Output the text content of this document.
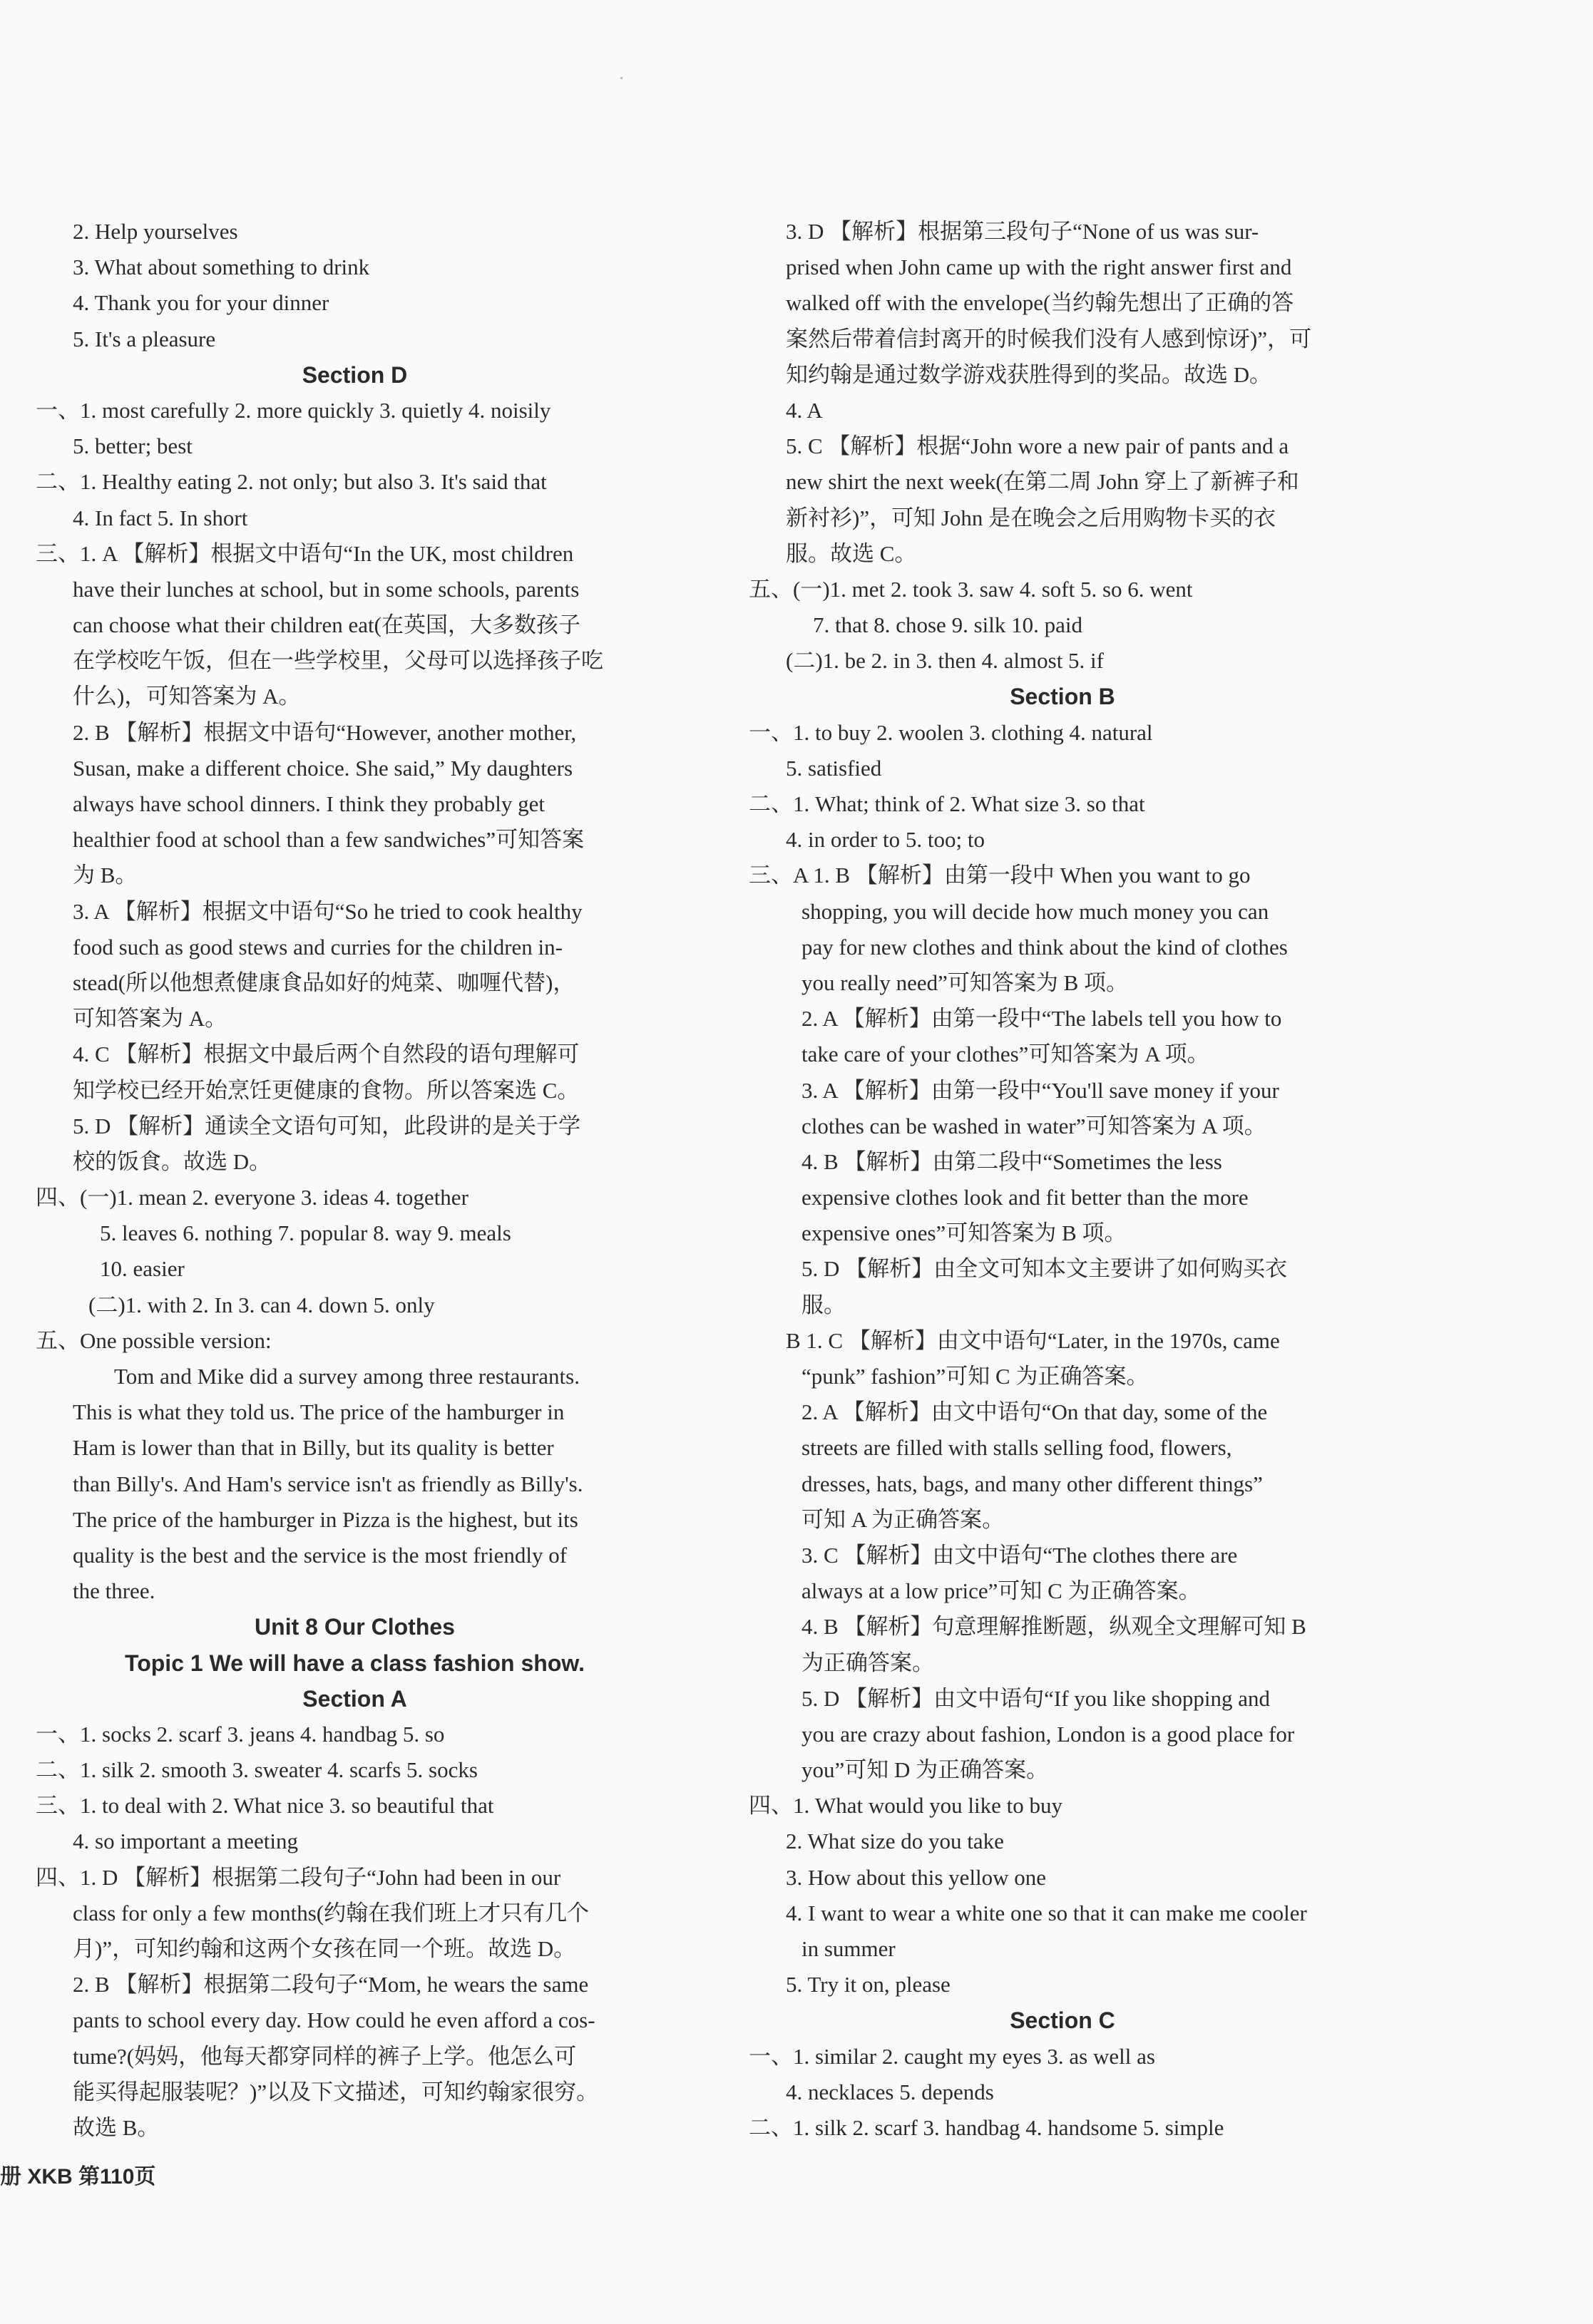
2. Help yourselves
3. What about something to drink
4. Thank you for your dinner
5. It's a pleasure
Section D
一、1. most carefully 2. more quickly 3. quietly 4. noisily
5. better; best
二、1. Healthy eating 2. not only; but also 3. It's said that
4. In fact 5. In short
三、1. A 【解析】根据文中语句“In the UK, most children
have their lunches at school, but in some schools, parents
can choose what their children eat(在英国，大多数孩子
在学校吃午饭，但在一些学校里，父母可以选择孩子吃
什么)，可知答案为 A。
2. B 【解析】根据文中语句“However, another mother,
Susan, make a different choice. She said,” My daughters
always have school dinners. I think they probably get
healthier food at school than a few sandwiches”可知答案
为 B。
3. A 【解析】根据文中语句“So he tried to cook healthy
food such as good stews and curries for the children in-
stead(所以他想煮健康食品如好的炖菜、咖喱代替)，
可知答案为 A。
4. C 【解析】根据文中最后两个自然段的语句理解可
知学校已经开始烹饪更健康的食物。所以答案选 C。
5. D 【解析】通读全文语句可知，此段讲的是关于学
校的饭食。故选 D。
四、(一)1. mean 2. everyone 3. ideas 4. together
5. leaves 6. nothing 7. popular 8. way 9. meals
10. easier
(二)1. with 2. In 3. can 4. down 5. only
五、One possible version:
Tom and Mike did a survey among three restaurants.
This is what they told us. The price of the hamburger in
Ham is lower than that in Billy, but its quality is better
than Billy's. And Ham's service isn't as friendly as Billy's.
The price of the hamburger in Pizza is the highest, but its
quality is the best and the service is the most friendly of
the three.
Unit 8 Our Clothes
Topic 1 We will have a class fashion show.
Section A
一、1. socks 2. scarf 3. jeans 4. handbag 5. so
二、1. silk 2. smooth 3. sweater 4. scarfs 5. socks
三、1. to deal with 2. What nice 3. so beautiful that
4. so important a meeting
四、1. D 【解析】根据第二段句子“John had been in our
class for only a few months(约翰在我们班上才只有几个
月)”，可知约翰和这两个女孩在同一个班。故选 D。
2. B 【解析】根据第二段句子“Mom, he wears the same
pants to school every day. How could he even afford a cos-
tume?(妈妈，他每天都穿同样的裤子上学。他怎么可
能买得起服装呢？)”以及下文描述，可知约翰家很穷。
故选 B。
3. D 【解析】根据第三段句子“None of us was sur-
prised when John came up with the right answer first and
walked off with the envelope(当约翰先想出了正确的答
案然后带着信封离开的时候我们没有人感到惊讶)”，可
知约翰是通过数学游戏获胜得到的奖品。故选 D。
4. A
5. C 【解析】根据“John wore a new pair of pants and a
new shirt the next week(在第二周 John 穿上了新裤子和
新衬衫)”，可知 John 是在晚会之后用购物卡买的衣
服。故选 C。
五、(一)1. met 2. took 3. saw 4. soft 5. so 6. went
7. that 8. chose 9. silk 10. paid
(二)1. be 2. in 3. then 4. almost 5. if
Section B
一、1. to buy 2. woolen 3. clothing 4. natural
5. satisfied
二、1. What; think of 2. What size 3. so that
4. in order to 5. too; to
三、A 1. B 【解析】由第一段中 When you want to go
shopping, you will decide how much money you can
pay for new clothes and think about the kind of clothes
you really need”可知答案为 B 项。
2. A 【解析】由第一段中“The labels tell you how to
take care of your clothes”可知答案为 A 项。
3. A 【解析】由第一段中“You'll save money if your
clothes can be washed in water”可知答案为 A 项。
4. B 【解析】由第二段中“Sometimes the less
expensive clothes look and fit better than the more
expensive ones”可知答案为 B 项。
5. D 【解析】由全文可知本文主要讲了如何购买衣
服。
B 1. C 【解析】由文中语句“Later, in the 1970s, came
“punk” fashion”可知 C 为正确答案。
2. A 【解析】由文中语句“On that day, some of the
streets are filled with stalls selling food, flowers,
dresses, hats, bags, and many other different things”
可知 A 为正确答案。
3. C 【解析】由文中语句“The clothes there are
always at a low price”可知 C 为正确答案。
4. B 【解析】句意理解推断题，纵观全文理解可知 B
为正确答案。
5. D 【解析】由文中语句“If you like shopping and
you are crazy about fashion, London is a good place for
you”可知 D 为正确答案。
四、1. What would you like to buy
2. What size do you take
3. How about this yellow one
4. I want to wear a white one so that it can make me cooler
in summer
5. Try it on, please
Section C
一、1. similar 2. caught my eyes 3. as well as
4. necklaces 5. depends
二、1. silk 2. scarf 3. handbag 4. handsome 5. simple
册 XKB 第110页
